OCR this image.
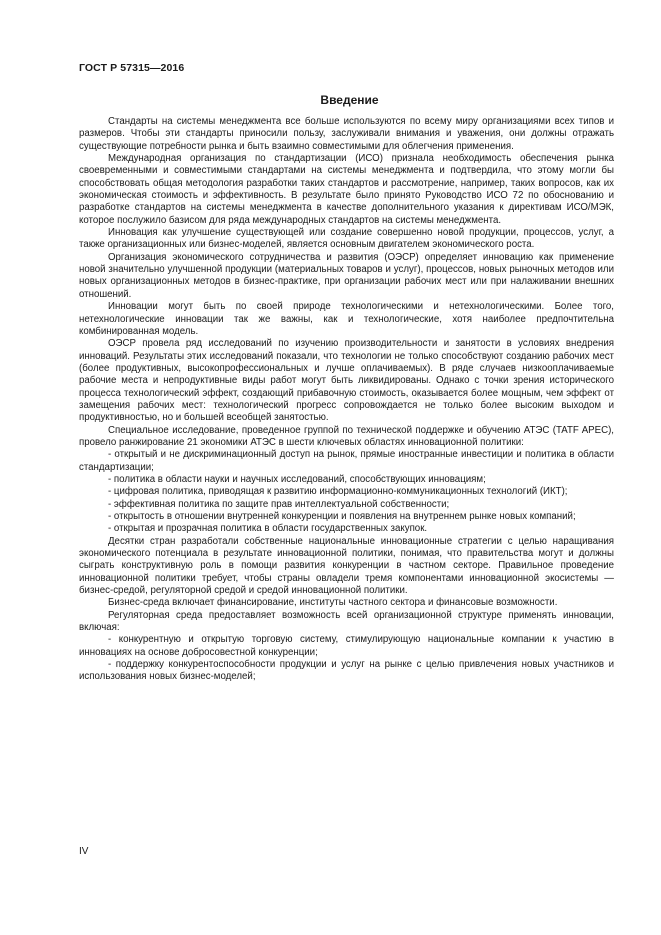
ГОСТ Р 57315—2016
Введение

Стандарты на системы менеджмента все больше используются по всему миру организациями всех типов и размеров. Чтобы эти стандарты приносили пользу, заслуживали внимания и уважения, они должны отражать существующие потребности рынка и быть взаимно совместимыми для облегчения применения.

Международная организация по стандартизации (ИСО) признала необходимость обеспечения рынка своевременными и совместимыми стандартами на системы менеджмента и подтвердила, что этому могли бы способствовать общая методология разработки таких стандартов и рассмотрение, например, таких вопросов, как их экономическая стоимость и эффективность. В результате было принято Руководство ИСО 72 по обоснованию и разработке стандартов на системы менеджмента в качестве дополнительного указания к директивам ИСО/МЭК, которое послужило базисом для ряда международных стандартов на системы менеджмента.

Инновация как улучшение существующей или создание совершенно новой продукции, процессов, услуг, а также организационных или бизнес-моделей, является основным двигателем экономического роста.

Организация экономического сотрудничества и развития (ОЭСР) определяет инновацию как применение новой значительно улучшенной продукции (материальных товаров и услуг), процессов, новых рыночных методов или новых организационных методов в бизнес-практике, при организации рабочих мест или при налаживании внешних отношений.

Инновации могут быть по своей природе технологическими и нетехнологическими. Более того, нетехнологические инновации так же важны, как и технологические, хотя наиболее предпочтительна комбинированная модель.

ОЭСР провела ряд исследований по изучению производительности и занятости в условиях внедрения инноваций. Результаты этих исследований показали, что технологии не только способствуют созданию рабочих мест (более продуктивных, высокопрофессиональных и лучше оплачиваемых). В ряде случаев низкооплачиваемые рабочие места и непродуктивные виды работ могут быть ликвидированы. Однако с точки зрения исторического процесса технологический эффект, создающий прибавочную стоимость, оказывается более мощным, чем эффект от замещения рабочих мест: технологический прогресс сопровождается не только более высоким выходом и продуктивностью, но и большей всеобщей занятостью.

Специальное исследование, проведенное группой по технической поддержке и обучению АТЭС (TATF APEC), провело ранжирование 21 экономики АТЭС в шести ключевых областях инновационной политики:

- открытый и не дискриминационный доступ на рынок, прямые иностранные инвестиции и политика в области стандартизации;

- политика в области науки и научных исследований, способствующих инновациям;

- цифровая политика, приводящая к развитию информационно-коммуникационных технологий (ИКТ);

- эффективная политика по защите прав интеллектуальной собственности;

- открытость в отношении внутренней конкуренции и появления на внутреннем рынке новых компаний;

- открытая и прозрачная политика в области государственных закупок.

Десятки стран разработали собственные национальные инновационные стратегии с целью наращивания экономического потенциала в результате инновационной политики, понимая, что правительства могут и должны сыграть конструктивную роль в помощи развития конкуренции в частном секторе. Правильное проведение инновационной политики требует, чтобы страны овладели тремя компонентами инновационной экосистемы — бизнес-средой, регуляторной средой и средой инновационной политики.

Бизнес-среда включает финансирование, институты частного сектора и финансовые возможности.

Регуляторная среда предоставляет возможность всей организационной структуре применять инновации, включая:

- конкурентную и открытую торговую систему, стимулирующую национальные компании к участию в инновациях на основе добросовестной конкуренции;

- поддержку конкурентоспособности продукции и услуг на рынке с целью привлечения новых участников и использования новых бизнес-моделей;

IV
